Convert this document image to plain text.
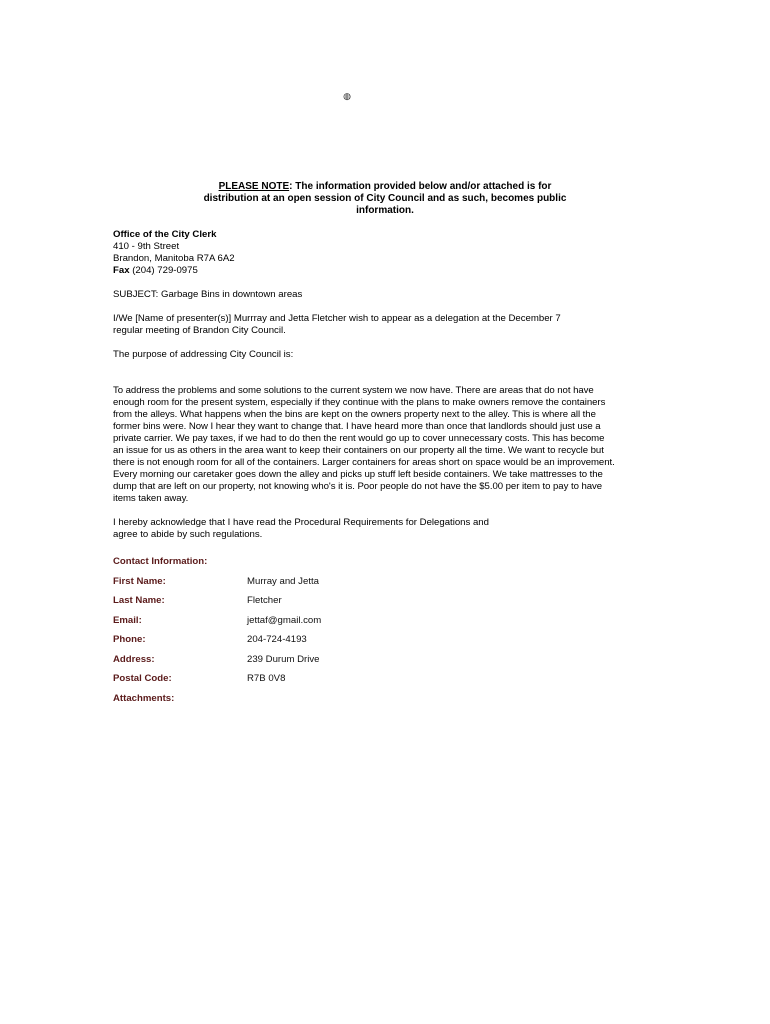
◍
PLEASE NOTE: The information provided below and/or attached is for distribution at an open session of City Council and as such, becomes public information.
Office of the City Clerk
410 - 9th Street
Brandon, Manitoba R7A 6A2
Fax (204) 729-0975
SUBJECT: Garbage Bins in downtown areas
I/We [Name of presenter(s)] Murrray and Jetta Fletcher wish to appear as a delegation at the December 7
regular meeting of Brandon City Council.
The purpose of addressing City Council is:
To address the problems and some solutions to the current system we now have. There are areas that do not have
enough room for the present system, especially if they continue with the plans to make owners remove the containers
from the alleys. What happens when the bins are kept on the owners property next to the alley. This is where all the
former bins were. Now I hear they want to change that. I have heard more than once that landlords should just use a
private carrier. We pay taxes, if we had to do then the rent would go up to cover unnecessary costs. This has become
an issue for us as others in the area want to keep their containers on our property all the time. We want to recycle but
there is not enough room for all of the containers. Larger containers for areas short on space would be an improvement.
Every morning our caretaker goes down the alley and picks up stuff left beside containers. We take mattresses to the
dump that are left on our property, not knowing who's it is. Poor people do not have the $5.00 per item to pay to have
items taken away.
I hereby acknowledge that I have read the Procedural Requirements for Delegations and
agree to abide by such regulations.
Contact Information:
First Name:	Murray and Jetta
Last Name:	Fletcher
Email:	jettaf@gmail.com
Phone:	204-724-4193
Address:	239 Durum Drive
Postal Code:	R7B 0V8
Attachments:
